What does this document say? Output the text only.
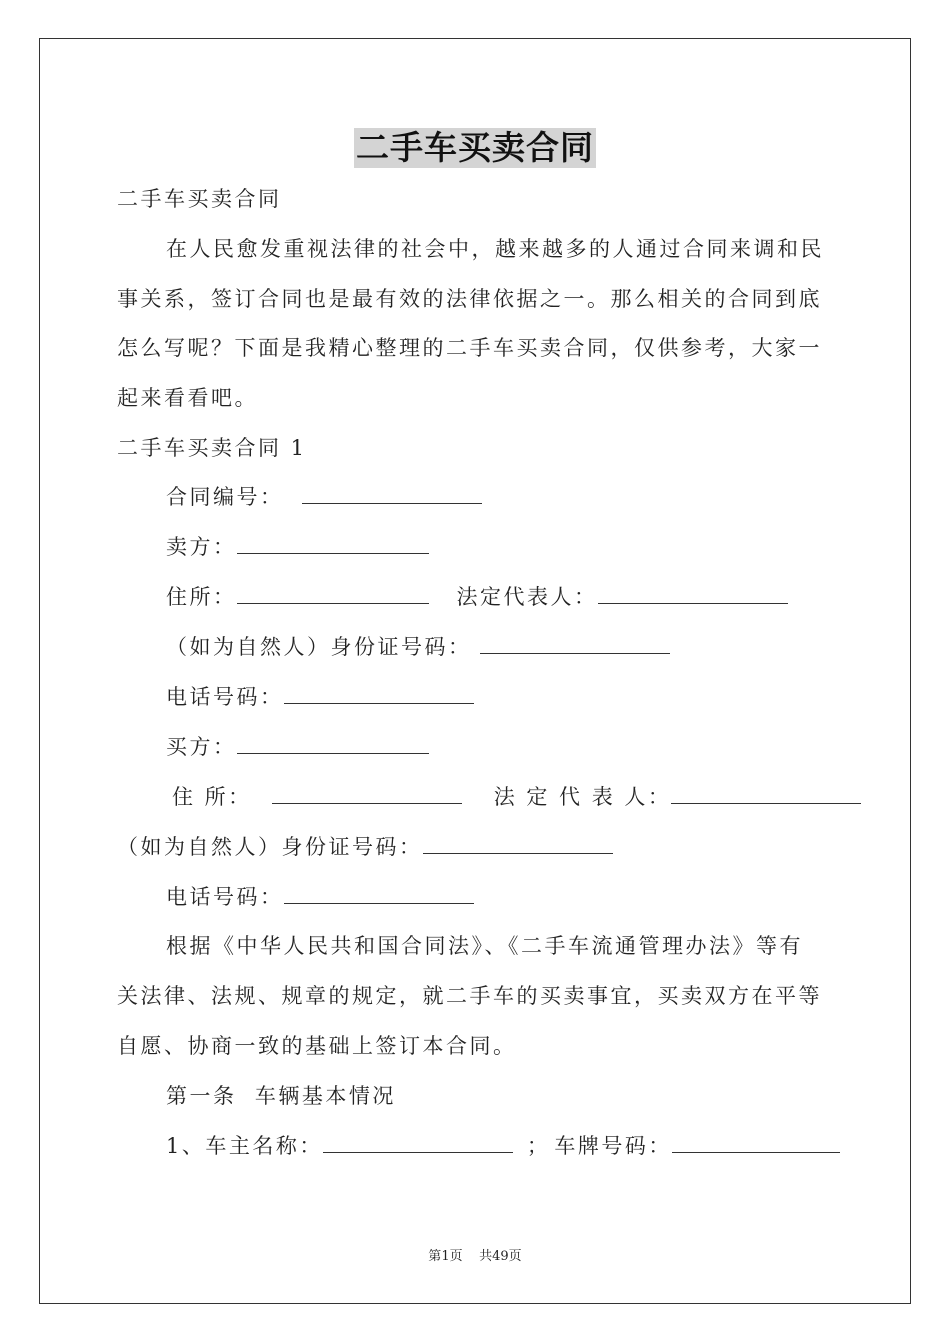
二手车买卖合同
二手车买卖合同
在人民愈发重视法律的社会中，越来越多的人通过合同来调和民
事关系，签订合同也是最有效的法律依据之一。那么相关的合同到底
怎么写呢？下面是我精心整理的二手车买卖合同，仅供参考，大家一
起来看看吧。
二手车买卖合同 1
合同编号：
卖方：
住所：	法定代表人：
（如为自然人）身份证号码：
电话号码：
买方：
住 所：	法 定 代 表 人：
（如为自然人）身份证号码：
电话号码：
根据《中华人民共和国合同法》、《二手车流通管理办法》等有
关法律、法规、规章的规定，就二手车的买卖事宜，买卖双方在平等
自愿、协商一致的基础上签订本合同。
第一条  车辆基本情况
1、车主名称：	； 车牌号码：
第1页    共49页
